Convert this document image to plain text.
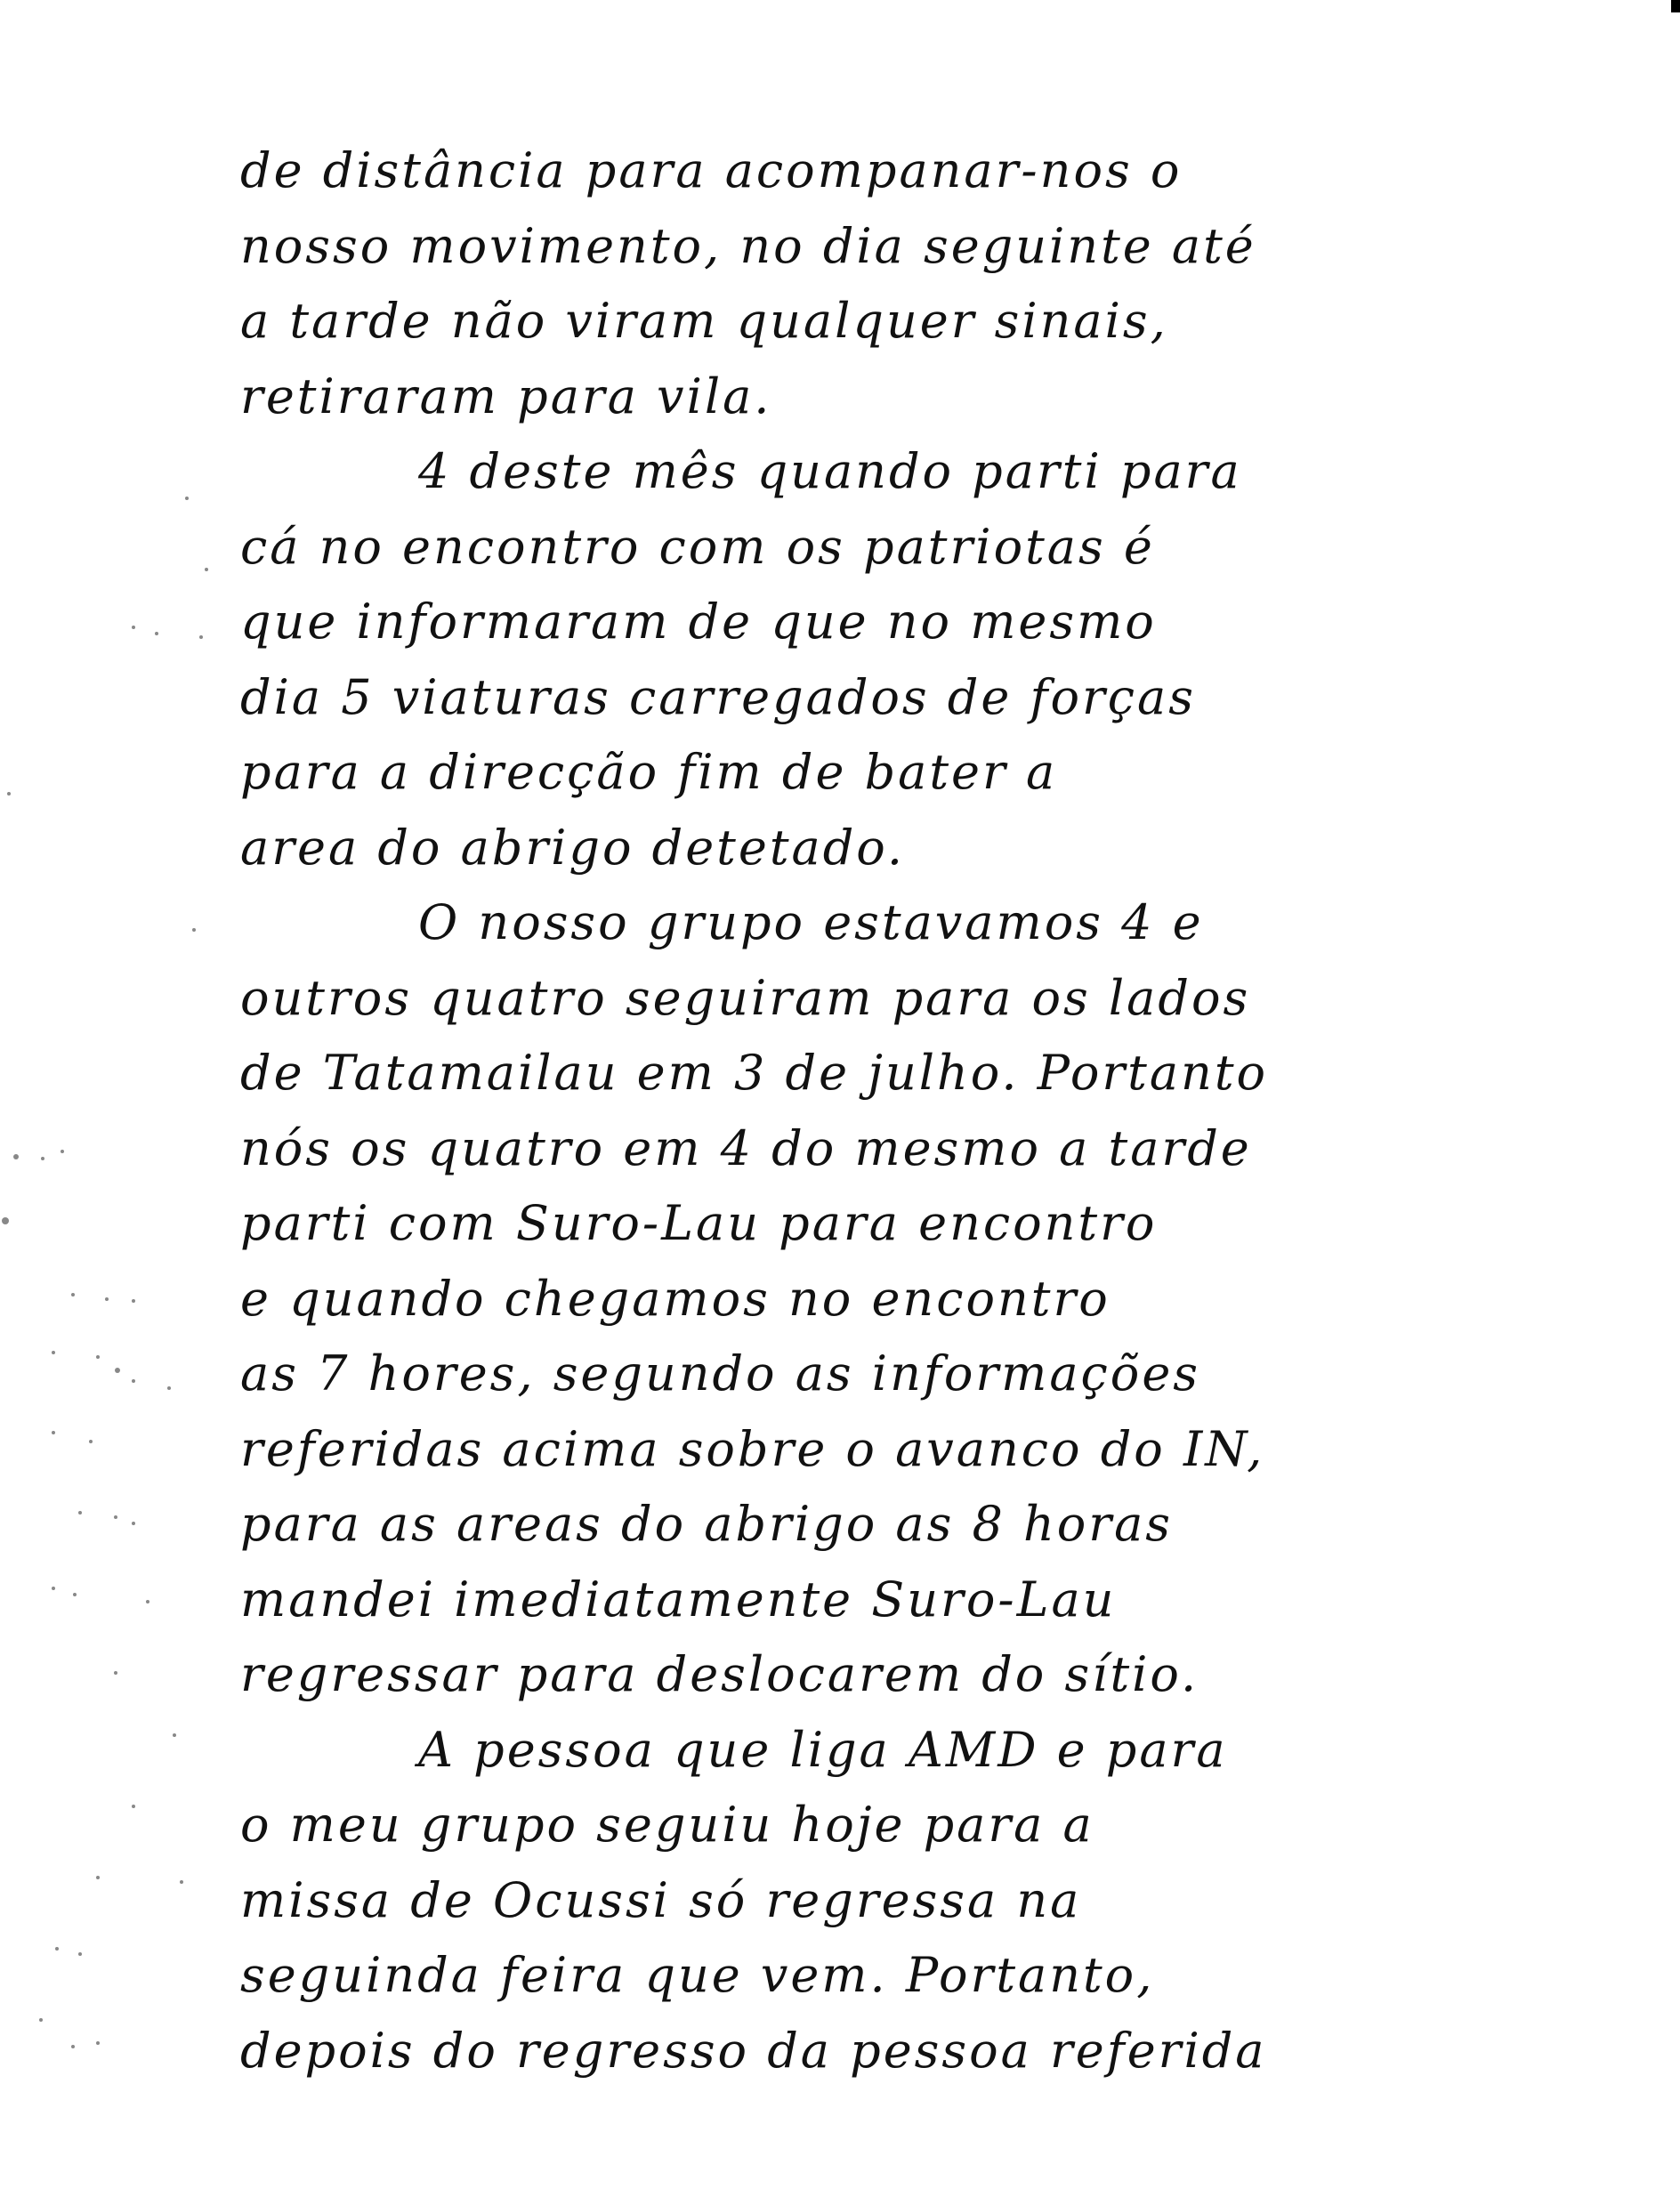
de distância para acompanar-nos o
nosso movimento, no dia seguinte até
a tarde não viram qualquer sinais,
retiraram para vila.
4 deste mês quando parti para
cá no encontro com os patriotas é
que informaram de que no mesmo
dia 5 viaturas carregados de forças
para a direcção fim de bater a
area do abrigo detetado.
O nosso grupo estavamos 4 e
outros quatro seguiram para os lados
de Tatamailau em 3 de julho. Portanto
nós os quatro em 4 do mesmo a tarde
parti com Suro-Lau para encontro
e quando chegamos no encontro
as 7 hores, segundo as informações
referidas acima sobre o avanco do IN,
para as areas do abrigo as 8 horas
mandei imediatamente Suro-Lau
regressar para deslocarem do sítio.
A pessoa que liga AMD e para
o meu grupo seguiu hoje para a
missa de Ocussi só regressa na
seguinda feira que vem. Portanto,
depois do regresso da pessoa referida
